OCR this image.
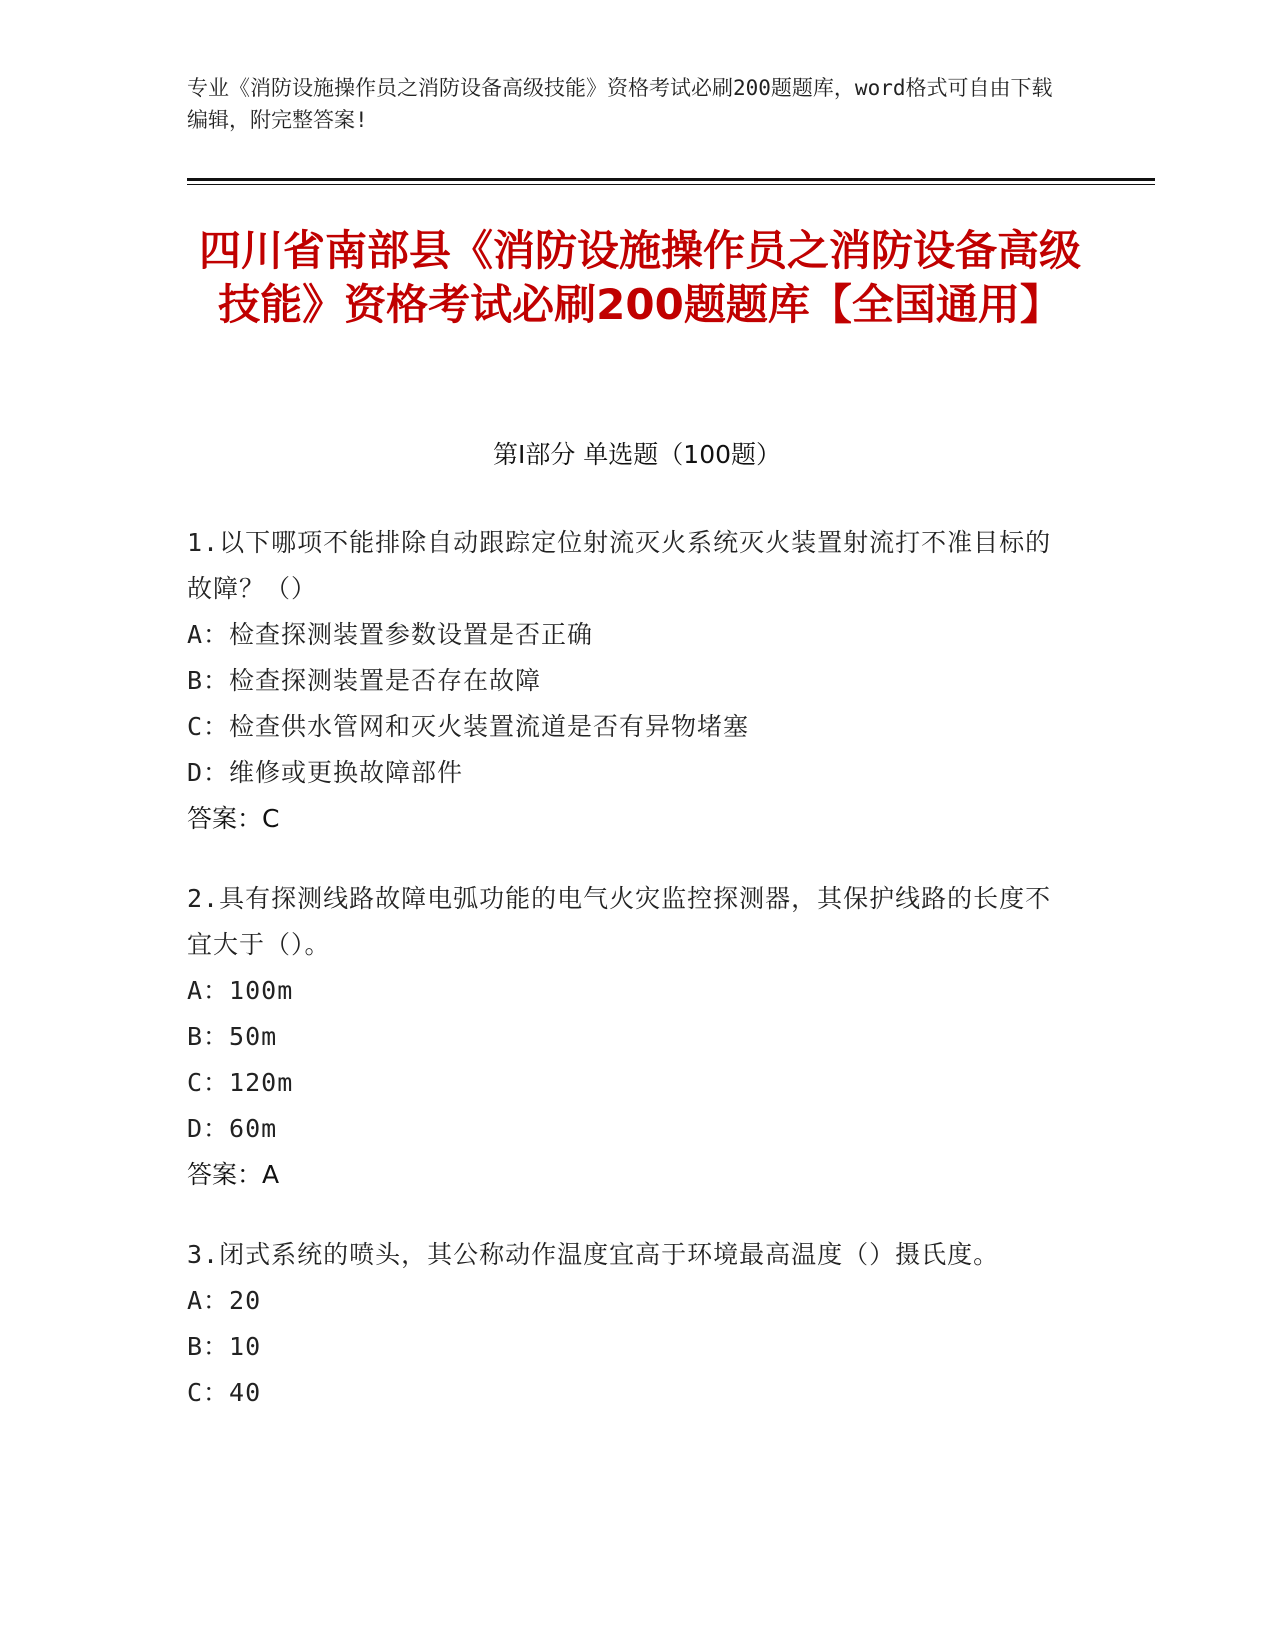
专业《消防设施操作员之消防设备高级技能》资格考试必刷200题题库，word格式可自由下载编辑，附完整答案!
四川省南部县《消防设施操作员之消防设备高级技能》资格考试必刷200题题库【全国通用】
第I部分 单选题（100题）
1.以下哪项不能排除自动跟踪定位射流灭火系统灭火装置射流打不准目标的故障？（）
A：检查探测装置参数设置是否正确
B：检查探测装置是否存在故障
C：检查供水管网和灭火装置流道是否有异物堵塞
D：维修或更换故障部件
答案：C
2.具有探测线路故障电弧功能的电气火灾监控探测器，其保护线路的长度不宜大于（）。
A：100m
B：50m
C：120m
D：60m
答案：A
3.闭式系统的喷头，其公称动作温度宜高于环境最高温度（）摄氏度。
A：20
B：10
C：40
